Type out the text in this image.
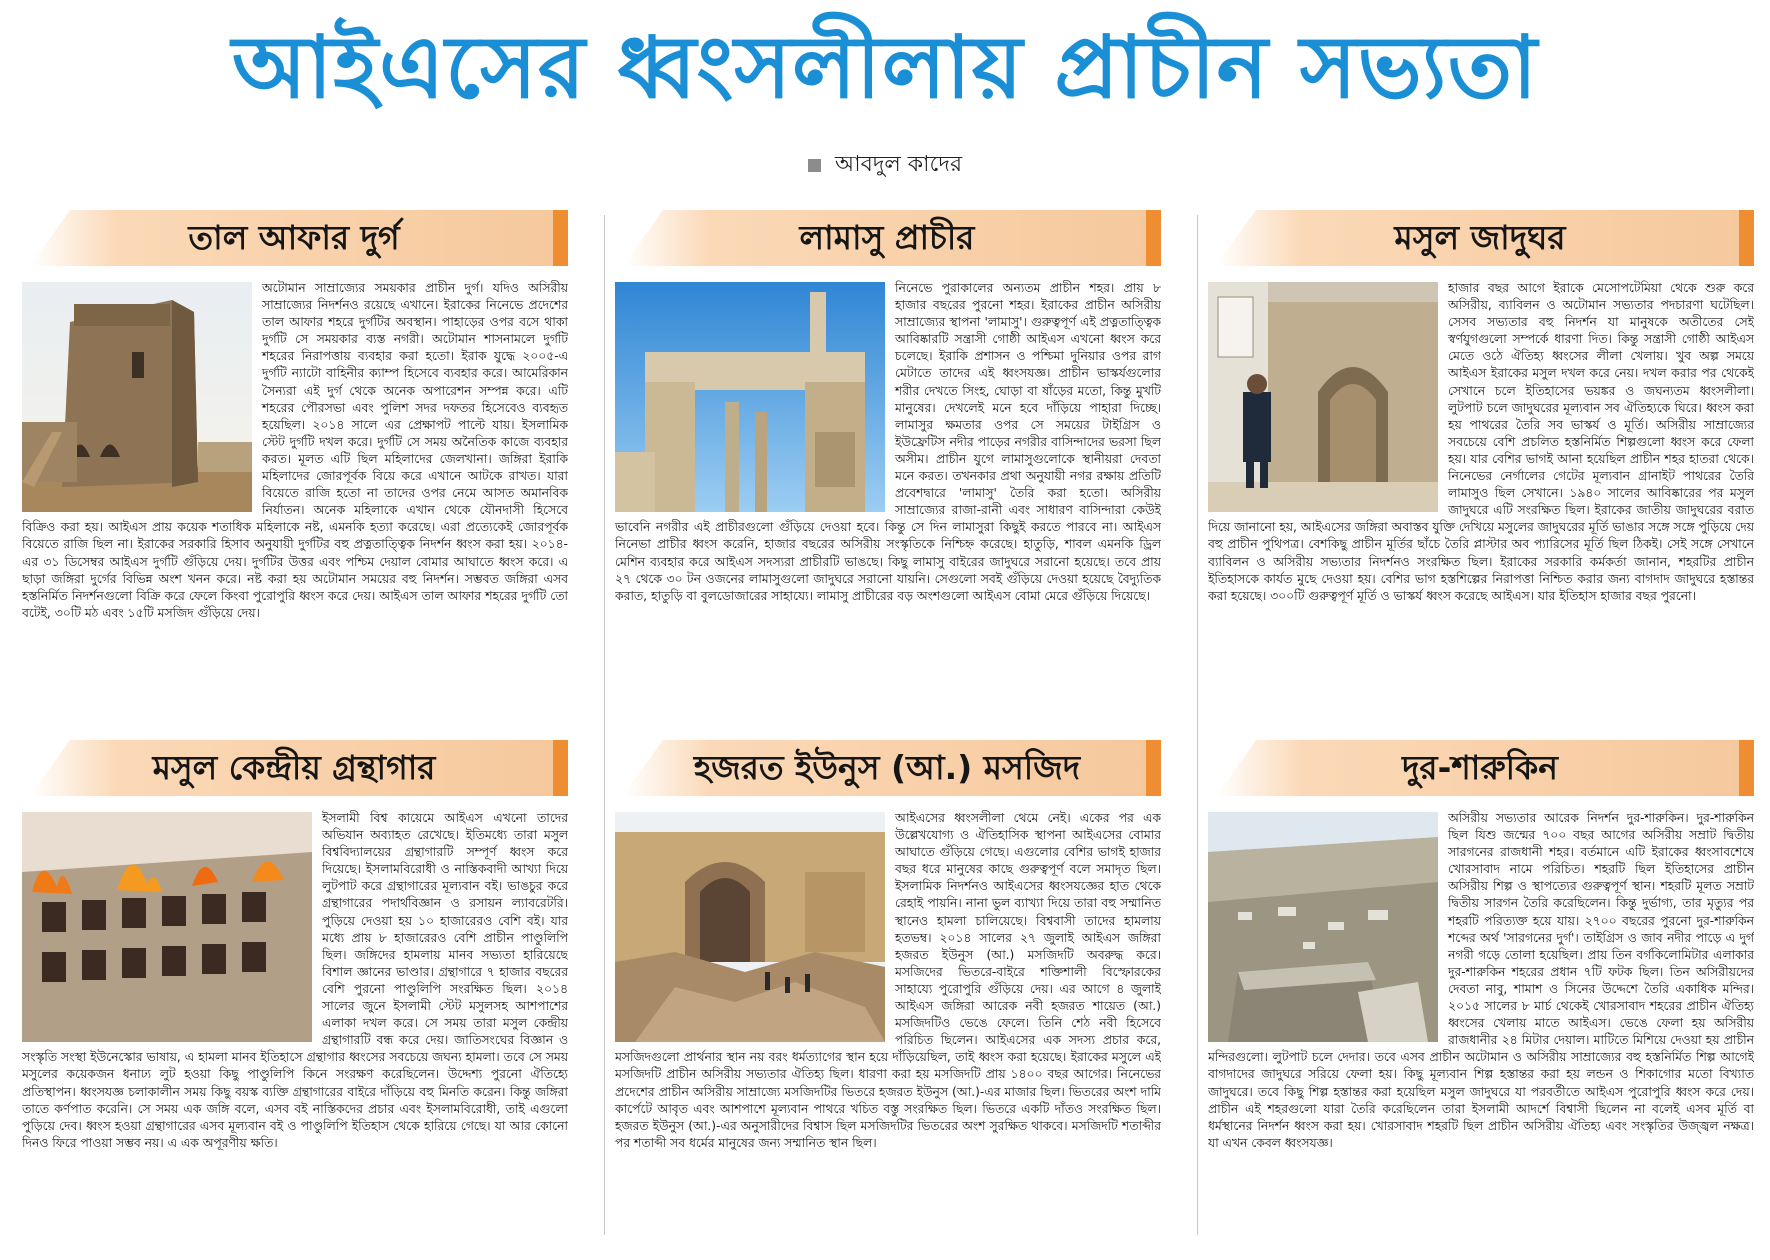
আইএসের ধ্বংসলীলায় প্রাচীন সভ্যতা
আবদুল কাদের
তাল আফার দুর্গ

অটোমান সাম্রাজ্যের সময়কার প্রাচীন দুর্গ। যদিও অসিরীয় সাম্রাজ্যের নিদর্শনও রয়েছে এখানে। ইরাকের নিনেভে প্রদেশের তাল আফার শহরে দুর্গটির অবস্থান। পাহাড়ের ওপর বসে থাকা দুর্গটি সে সময়কার ব্যস্ত নগরী। অটোমান শাসনামলে দুর্গটি শহরের নিরাপত্তায় ব্যবহার করা হতো। ইরাক যুদ্ধে ২০০৫-এ দুর্গটি ন্যাটো বাহিনীর ক্যাম্প হিসেবে ব্যবহার করে। আমেরিকান সৈন্যরা এই দুর্গ থেকে অনেক অপারেশন সম্পন্ন করে। এটি শহরের পৌরসভা এবং পুলিশ সদর দফতর হিসেবেও ব্যবহৃত হয়েছিল। ২০১৪ সালে এর প্রেক্ষাপট পাল্টে যায়। ইসলামিক স্টেট দুর্গটি দখল করে। দুর্গটি সে সময় অনৈতিক কাজে ব্যবহার করত। মূলত এটি ছিল মহিলাদের জেলখানা। জঙ্গিরা ইরাকি মহিলাদের জোরপূর্বক বিয়ে করে এখানে আটকে রাখত। যারা বিয়েতে রাজি হতো না তাদের ওপর নেমে আসত অমানবিক নির্যাতন। অনেক মহিলাকে এখান থেকে যৌনদাসী হিসেবে বিক্রিও করা হয়। আইএস প্রায় কয়েক শতাধিক মহিলাকে নষ্ট, এমনকি হত্যা করেছে। এরা প্রত্যেকেই জোরপূর্বক বিয়েতে রাজি ছিল না। ইরাকের সরকারি হিসাব অনুযায়ী দুর্গটির বহু প্রত্নতাত্ত্বিক নিদর্শন ধ্বংস করা হয়। ২০১৪-এর ৩১ ডিসেম্বর আইএস দুর্গটি গুঁড়িয়ে দেয়। দুর্গটির উত্তর এবং পশ্চিম দেয়াল বোমার আঘাতে ধ্বংস করে। এ ছাড়া জঙ্গিরা দুর্গের বিভিন্ন অংশ খনন করে। নষ্ট করা হয় অটোমান সময়ের বহু নিদর্শন। সম্ভবত জঙ্গিরা এসব হস্তনির্মিত নিদর্শনগুলো বিক্রি করে ফেলে কিংবা পুরোপুরি ধ্বংস করে দেয়। আইএস তাল আফার শহরের দুর্গটি তো বটেই, ৩০টি মঠ এবং ১৫টি মসজিদ গুঁড়িয়ে দেয়।

লামাসু প্রাচীর

নিনেভে পুরাকালের অন্যতম প্রাচীন শহর। প্রায় ৮ হাজার বছরের পুরনো শহর। ইরাকের প্রাচীন অসিরীয় সাম্রাজ্যের স্থাপনা 'লামাসু'। গুরুত্বপূর্ণ এই প্রত্নতাত্ত্বিক আবিষ্কারটি সন্ত্রাসী গোষ্ঠী আইএস এখনো ধ্বংস করে চলেছে। ইরাকি প্রশাসন ও পশ্চিমা দুনিয়ার ওপর রাগ মেটাতে তাদের এই ধ্বংসযজ্ঞ। প্রাচীন ভাস্কর্যগুলোর শরীর দেখতে সিংহ, ঘোড়া বা ষাঁড়ের মতো, কিন্তু মুখটি মানুষের। দেখলেই মনে হবে দাঁড়িয়ে পাহারা দিচ্ছে। লামাসুর ক্ষমতার ওপর সে সময়ের টাইগ্রিস ও ইউফ্রেটিস নদীর পাড়ের নগরীর বাসিন্দাদের ভরসা ছিল অসীম। প্রাচীন যুগে লামাসুগুলোকে স্থানীয়রা দেবতা মনে করত। তখনকার প্রথা অনুযায়ী নগর রক্ষায় প্রতিটি প্রবেশদ্বারে 'লামাসু' তৈরি করা হতো। অসিরীয় সাম্রাজ্যের রাজা-রানী এবং সাধারণ বাসিন্দারা কেউই ভাবেনি নগরীর এই প্রাচীরগুলো গুঁড়িয়ে দেওয়া হবে। কিন্তু সে দিন লামাসুরা কিছুই করতে পারবে না। আইএস নিনেভা প্রাচীর ধ্বংস করেনি, হাজার বছরের অসিরীয় সংস্কৃতিকে নিশ্চিহ্ন করেছে। হাতুড়ি, শাবল এমনকি ড্রিল মেশিন ব্যবহার করে আইএস সদস্যরা প্রাচীরটি ভাঙছে। কিছু লামাসু বাইরের জাদুঘরে সরানো হয়েছে। তবে প্রায় ২৭ থেকে ৩০ টন ওজনের লামাসুগুলো জাদুঘরে সরানো যায়নি। সেগুলো সবই গুঁড়িয়ে দেওয়া হয়েছে বৈদ্যুতিক করাত, হাতুড়ি বা বুলডোজারের সাহায্যে। লামাসু প্রাচীরের বড় অংশগুলো আইএস বোমা মেরে গুঁড়িয়ে দিয়েছে।

মসুল জাদুঘর

হাজার বছর আগে ইরাকে মেসোপটেমিয়া থেকে শুরু করে অসিরীয়, ব্যাবিলন ও অটোমান সভ্যতার পদচারণা ঘটেছিল। সেসব সভ্যতার বহু নিদর্শন যা মানুষকে অতীতের সেই স্বর্ণযুগগুলো সম্পর্কে ধারণা দিত। কিন্তু সন্ত্রাসী গোষ্ঠী আইএস মেতে ওঠে ঐতিহ্য ধ্বংসের লীলা খেলায়। খুব অল্প সময়ে আইএস ইরাকের মসুল দখল করে নেয়। দখল করার পর থেকেই সেখানে চলে ইতিহাসের ভয়ঙ্কর ও জঘন্যতম ধ্বংসলীলা। লুটপাট চলে জাদুঘরের মূল্যবান সব ঐতিহ্যকে ঘিরে। ধ্বংস করা হয় পাথরের তৈরি সব ভাস্কর্য ও মূর্তি। অসিরীয় সাম্রাজ্যের সবচেয়ে বেশি প্রচলিত হস্তনির্মিত শিল্পগুলো ধ্বংস করে ফেলা হয়। যার বেশির ভাগই আনা হয়েছিল প্রাচীন শহর হাতরা থেকে। নিনেভের নের্গালের গেটের মূল্যবান গ্রানাইট পাথরের তৈরি লামাসুও ছিল সেখানে। ১৯৪০ সালের আবিষ্কারের পর মসুল জাদুঘরে এটি সংরক্ষিত ছিল। ইরাকের জাতীয় জাদুঘরের বরাত দিয়ে জানানো হয়, আইএসের জঙ্গিরা অবাস্তব যুক্তি দেখিয়ে মসুলের জাদুঘরের মূর্তি ভাঙার সঙ্গে সঙ্গে পুড়িয়ে দেয় বহু প্রাচীন পুথিপত্র। বেশকিছু প্রাচীন মূর্তির ছাঁচে তৈরি প্লাস্টার অব প্যারিসের মূর্তি ছিল ঠিকই। সেই সঙ্গে সেখানে ব্যাবিলন ও অসিরীয় সভ্যতার নিদর্শনও সংরক্ষিত ছিল। ইরাকের সরকারি কর্মকর্তা জানান, শহরটির প্রাচীন ইতিহাসকে কার্যত মুছে দেওয়া হয়। বেশির ভাগ হস্তশিল্পের নিরাপত্তা নিশ্চিত করার জন্য বাগদাদ জাদুঘরে হস্তান্তর করা হয়েছে। ৩০০টি গুরুত্বপূর্ণ মূর্তি ও ভাস্কর্য ধ্বংস করেছে আইএস। যার ইতিহাস হাজার বছর পুরনো।

মসুল কেন্দ্রীয় গ্রন্থাগার

ইসলামী বিশ্ব কায়েমে আইএস এখনো তাদের অভিযান অব্যাহত রেখেছে। ইতিমধ্যে তারা মসুল বিশ্ববিদ্যালয়ের গ্রন্থাগারটি সম্পূর্ণ ধ্বংস করে দিয়েছে। ইসলামবিরোধী ও নাস্তিকবাদী আখ্যা দিয়ে লুটপাট করে গ্রন্থাগারের মূল্যবান বই। ভাঙচুর করে গ্রন্থাগারের পদার্থবিজ্ঞান ও রসায়ন ল্যাবরেটরি। পুড়িয়ে দেওয়া হয় ১০ হাজারেরও বেশি বই। যার মধ্যে প্রায় ৮ হাজারেরও বেশি প্রাচীন পাণ্ডুলিপি ছিল। জঙ্গিদের হামলায় মানব সভ্যতা হারিয়েছে বিশাল জ্ঞানের ভাণ্ডার। গ্রন্থাগারে ৭ হাজার বছরের বেশি পুরনো পাণ্ডুলিপি সংরক্ষিত ছিল। ২০১৪ সালের জুনে ইসলামী স্টেট মসুলসহ আশপাশের এলাকা দখল করে। সে সময় তারা মসুল কেন্দ্রীয় গ্রন্থাগারটি বন্ধ করে দেয়। জাতিসংঘের বিজ্ঞান ও সংস্কৃতি সংস্থা ইউনেস্কোর ভাষায়, এ হামলা মানব ইতিহাসে গ্রন্থাগার ধ্বংসের সবচেয়ে জঘন্য হামলা। তবে সে সময় মসুলের কয়েকজন ধনাঢ্য লুট হওয়া কিছু পাণ্ডুলিপি কিনে সংরক্ষণ করেছিলেন। উদ্দেশ্য পুরনো ঐতিহ্যে প্রতিস্থাপন। ধ্বংসযজ্ঞ চলাকালীন সময় কিছু বয়স্ক ব্যক্তি গ্রন্থাগারের বাইরে দাঁড়িয়ে বহু মিনতি করেন। কিন্তু জঙ্গিরা তাতে কর্ণপাত করেনি। সে সময় এক জঙ্গি বলে, এসব বই নাস্তিকদের প্রচার এবং ইসলামবিরোধী, তাই এগুলো পুড়িয়ে দেব। ধ্বংস হওয়া গ্রন্থাগারের এসব মূল্যবান বই ও পাণ্ডুলিপি ইতিহাস থেকে হারিয়ে গেছে। যা আর কোনো দিনও ফিরে পাওয়া সম্ভব নয়। এ এক অপূরণীয় ক্ষতি।

হজরত ইউনুস (আ.) মসজিদ

আইএসের ধ্বংসলীলা থেমে নেই। একের পর এক উল্লেখযোগ্য ও ঐতিহাসিক স্থাপনা আইএসের বোমার আঘাতে গুঁড়িয়ে গেছে। এগুলোর বেশির ভাগই হাজার বছর ধরে মানুষের কাছে গুরুত্বপূর্ণ বলে সমাদৃত ছিল। ইসলামিক নিদর্শনও আইএসের ধ্বংসযজ্ঞের হাত থেকে রেহাই পায়নি। নানা ভুল ব্যাখ্যা দিয়ে তারা বহু সম্মানিত স্থানেও হামলা চালিয়েছে। বিশ্ববাসী তাদের হামলায় হতভম্ব। ২০১৪ সালের ২৭ জুলাই আইএস জঙ্গিরা হজরত ইউনুস (আ.) মসজিদটি অবরুদ্ধ করে। মসজিদের ভিতরে-বাইরে শক্তিশালী বিস্ফোরকের সাহায্যে পুরোপুরি গুঁড়িয়ে দেয়। এর আগে ৪ জুলাই আইএস জঙ্গিরা আরেক নবী হজরত শায়েত (আ.) মসজিদটিও ভেঙে ফেলে। তিনি শেঠ নবী হিসেবে পরিচিত ছিলেন। আইএসের এক সদস্য প্রচার করে, মসজিদগুলো প্রার্থনার স্থান নয় বরং ধর্মত্যাগের স্থান হয়ে দাঁড়িয়েছিল, তাই ধ্বংস করা হয়েছে। ইরাকের মসুলে এই মসজিদটি প্রাচীন অসিরীয় সভ্যতার ঐতিহ্য ছিল। ধারণা করা হয় মসজিদটি প্রায় ১৪০০ বছর আগের। নিনেভের প্রদেশের প্রাচীন অসিরীয় সাম্রাজ্যে মসজিদটির ভিতরে হজরত ইউনুস (আ.)-এর মাজার ছিল। ভিতরের অংশ দামি কার্পেটে আবৃত এবং আশপাশে মূল্যবান পাথরে খচিত বস্তু সংরক্ষিত ছিল। ভিতরে একটি দাঁতও সংরক্ষিত ছিল। হজরত ইউনুস (আ.)-এর অনুসারীদের বিশ্বাস ছিল মসজিদটির ভিতরের অংশ সুরক্ষিত থাকবে। মসজিদটি শতাব্দীর পর শতাব্দী সব ধর্মের মানুষের জন্য সম্মানিত স্থান ছিল।

দুর-শারুকিন

অসিরীয় সভ্যতার আরেক নিদর্শন দুর-শারুকিন। দুর-শারুকিন ছিল যিশু জন্মের ৭০০ বছর আগের অসিরীয় সম্রাট দ্বিতীয় সারগনের রাজধানী শহর। বর্তমানে এটি ইরাকের ধ্বংসাবশেষে খোরসাবাদ নামে পরিচিত। শহরটি ছিল ইতিহাসের প্রাচীন অসিরীয় শিল্প ও স্থাপত্যের গুরুত্বপূর্ণ স্থান। শহরটি মূলত সম্রাট দ্বিতীয় সারগন তৈরি করেছিলেন। কিন্তু দুর্ভাগ্য, তার মৃত্যুর পর শহরটি পরিত্যক্ত হয়ে যায়। ২৭০০ বছরের পুরনো দুর-শারুকিন শব্দের অর্থ 'সারগনের দুর্গ'। তাইগ্রিস ও জাব নদীর পাড়ে এ দুর্গ নগরী গড়ে তোলা হয়েছিল। প্রায় তিন বর্গকিলোমিটার এলাকার দুর-শারুকিন শহরের প্রধান ৭টি ফটক ছিল। তিন অসিরীয়দের দেবতা নাবু, শামাশ ও সিনের উদ্দেশে তৈরি একাধিক মন্দির। ২০১৫ সালের ৮ মার্চ থেকেই খোরসাবাদ শহরের প্রাচীন ঐতিহ্য ধ্বংসের খেলায় মাতে আইএস। ভেঙে ফেলা হয় অসিরীয় রাজধানীর ২৪ মিটার দেয়াল। মাটিতে মিশিয়ে দেওয়া হয় প্রাচীন মন্দিরগুলো। লুটপাট চলে দেদার। তবে এসব প্রাচীন অটোমান ও অসিরীয় সাম্রাজ্যের বহু হস্তনির্মিত শিল্প আগেই বাগদাদের জাদুঘরে সরিয়ে ফেলা হয়। কিছু মূল্যবান শিল্প হস্তান্তর করা হয় লন্ডন ও শিকাগোর মতো বিখ্যাত জাদুঘরে। তবে কিছু শিল্প হস্তান্তর করা হয়েছিল মসুল জাদুঘরে যা পরবর্তীতে আইএস পুরোপুরি ধ্বংস করে দেয়। প্রাচীন এই শহরগুলো যারা তৈরি করেছিলেন তারা ইসলামী আদর্শে বিশ্বাসী ছিলেন না বলেই এসব মূর্তি বা ধর্মস্থানের নিদর্শন ধ্বংস করা হয়। খোরসাবাদ শহরটি ছিল প্রাচীন অসিরীয় ঐতিহ্য এবং সংস্কৃতির উজ্জ্বল নক্ষত্র। যা এখন কেবল ধ্বংসযজ্ঞ।
